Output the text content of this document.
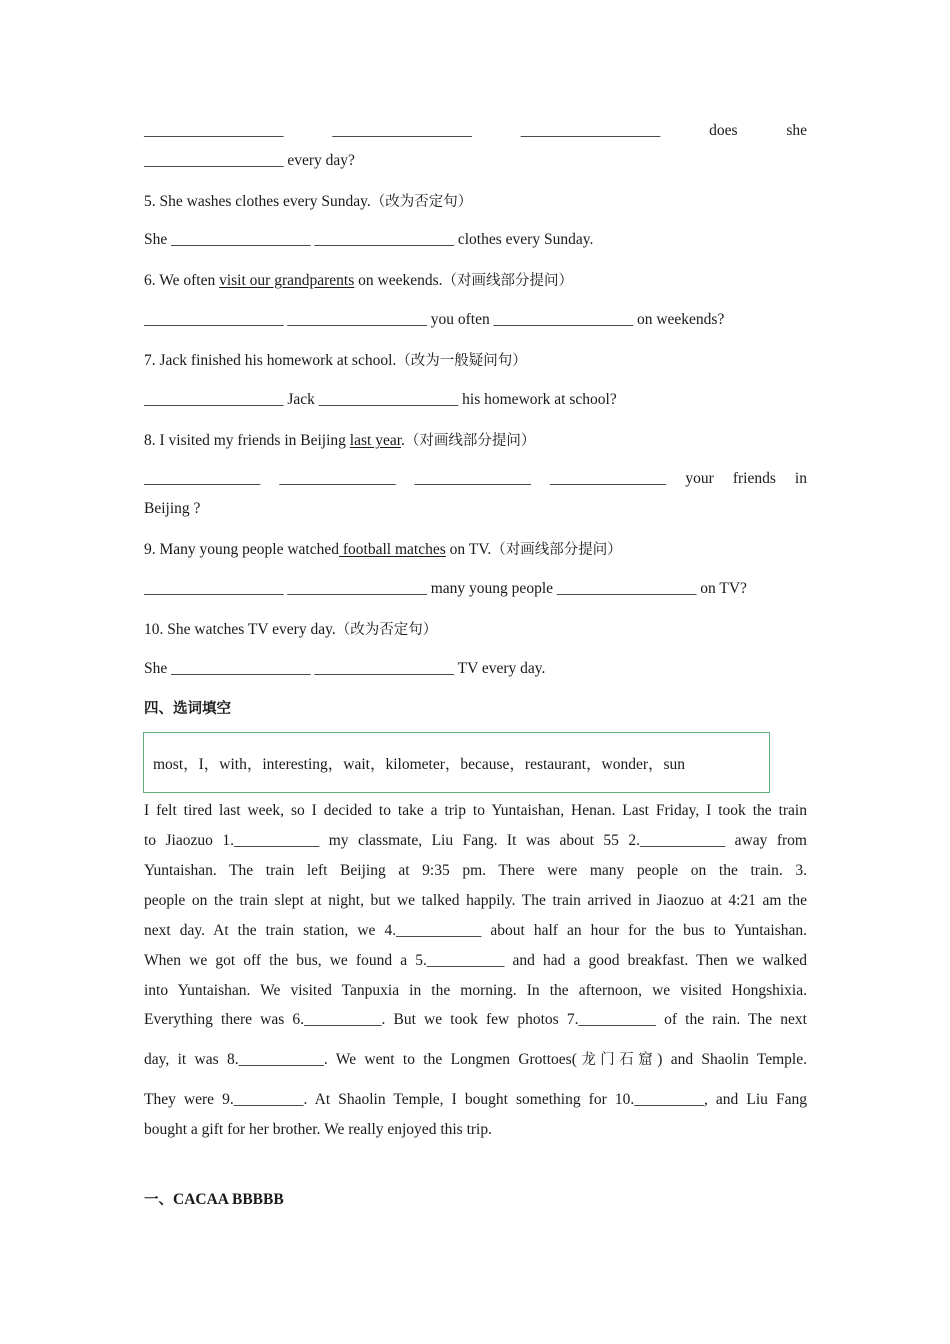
__________________ __________________ __________________ does she
__________________ every day?
5. She washes clothes every Sunday.（改为否定句）
She __________________ __________________ clothes every Sunday.
6. We often visit our grandparents on weekends.（对画线部分提问）
__________________ __________________ you often __________________ on weekends?
7. Jack finished his homework at school.（改为一般疑问句）
__________________ Jack __________________ his homework at school?
8. I visited my friends in Beijing last year.（对画线部分提问）
_______________ _______________ _______________ _______________ your friends in
Beijing ?
9. Many young people watched football matches on TV.（对画线部分提问）
__________________ __________________ many young people __________________ on TV?
10. She watches TV every day.（改为否定句）
She __________________ __________________ TV every day.
四、选词填空
most，I，with，interesting，wait，kilometer，because，restaurant，wonder，sun
I felt tired last week, so I decided to take a trip to Yuntaishan, Henan. Last Friday, I took the train
to Jiaozuo 1.___________ my classmate, Liu Fang. It was about 55 2.___________ away from
Yuntaishan. The train left Beijing at 9:35 pm. There were many people on the train. 3.
people on the train slept at night, but we talked happily. The train arrived in Jiaozuo at 4:21 am the
next day. At the train station, we 4.___________ about half an hour for the bus to Yuntaishan.
When we got off the bus, we found a 5.__________ and had a good breakfast. Then we walked
into Yuntaishan. We visited Tanpuxia in the morning. In the afternoon, we visited Hongshixia.
Everything there was 6.__________. But we took few photos 7.__________ of the rain. The next
day, it was 8.___________. We went to the Longmen Grottoes(龙门石窟) and Shaolin Temple.
They were 9._________. At Shaolin Temple, I bought something for 10._________, and Liu Fang
bought a gift for her brother. We really enjoyed this trip.
一、CACAA BBBBB
